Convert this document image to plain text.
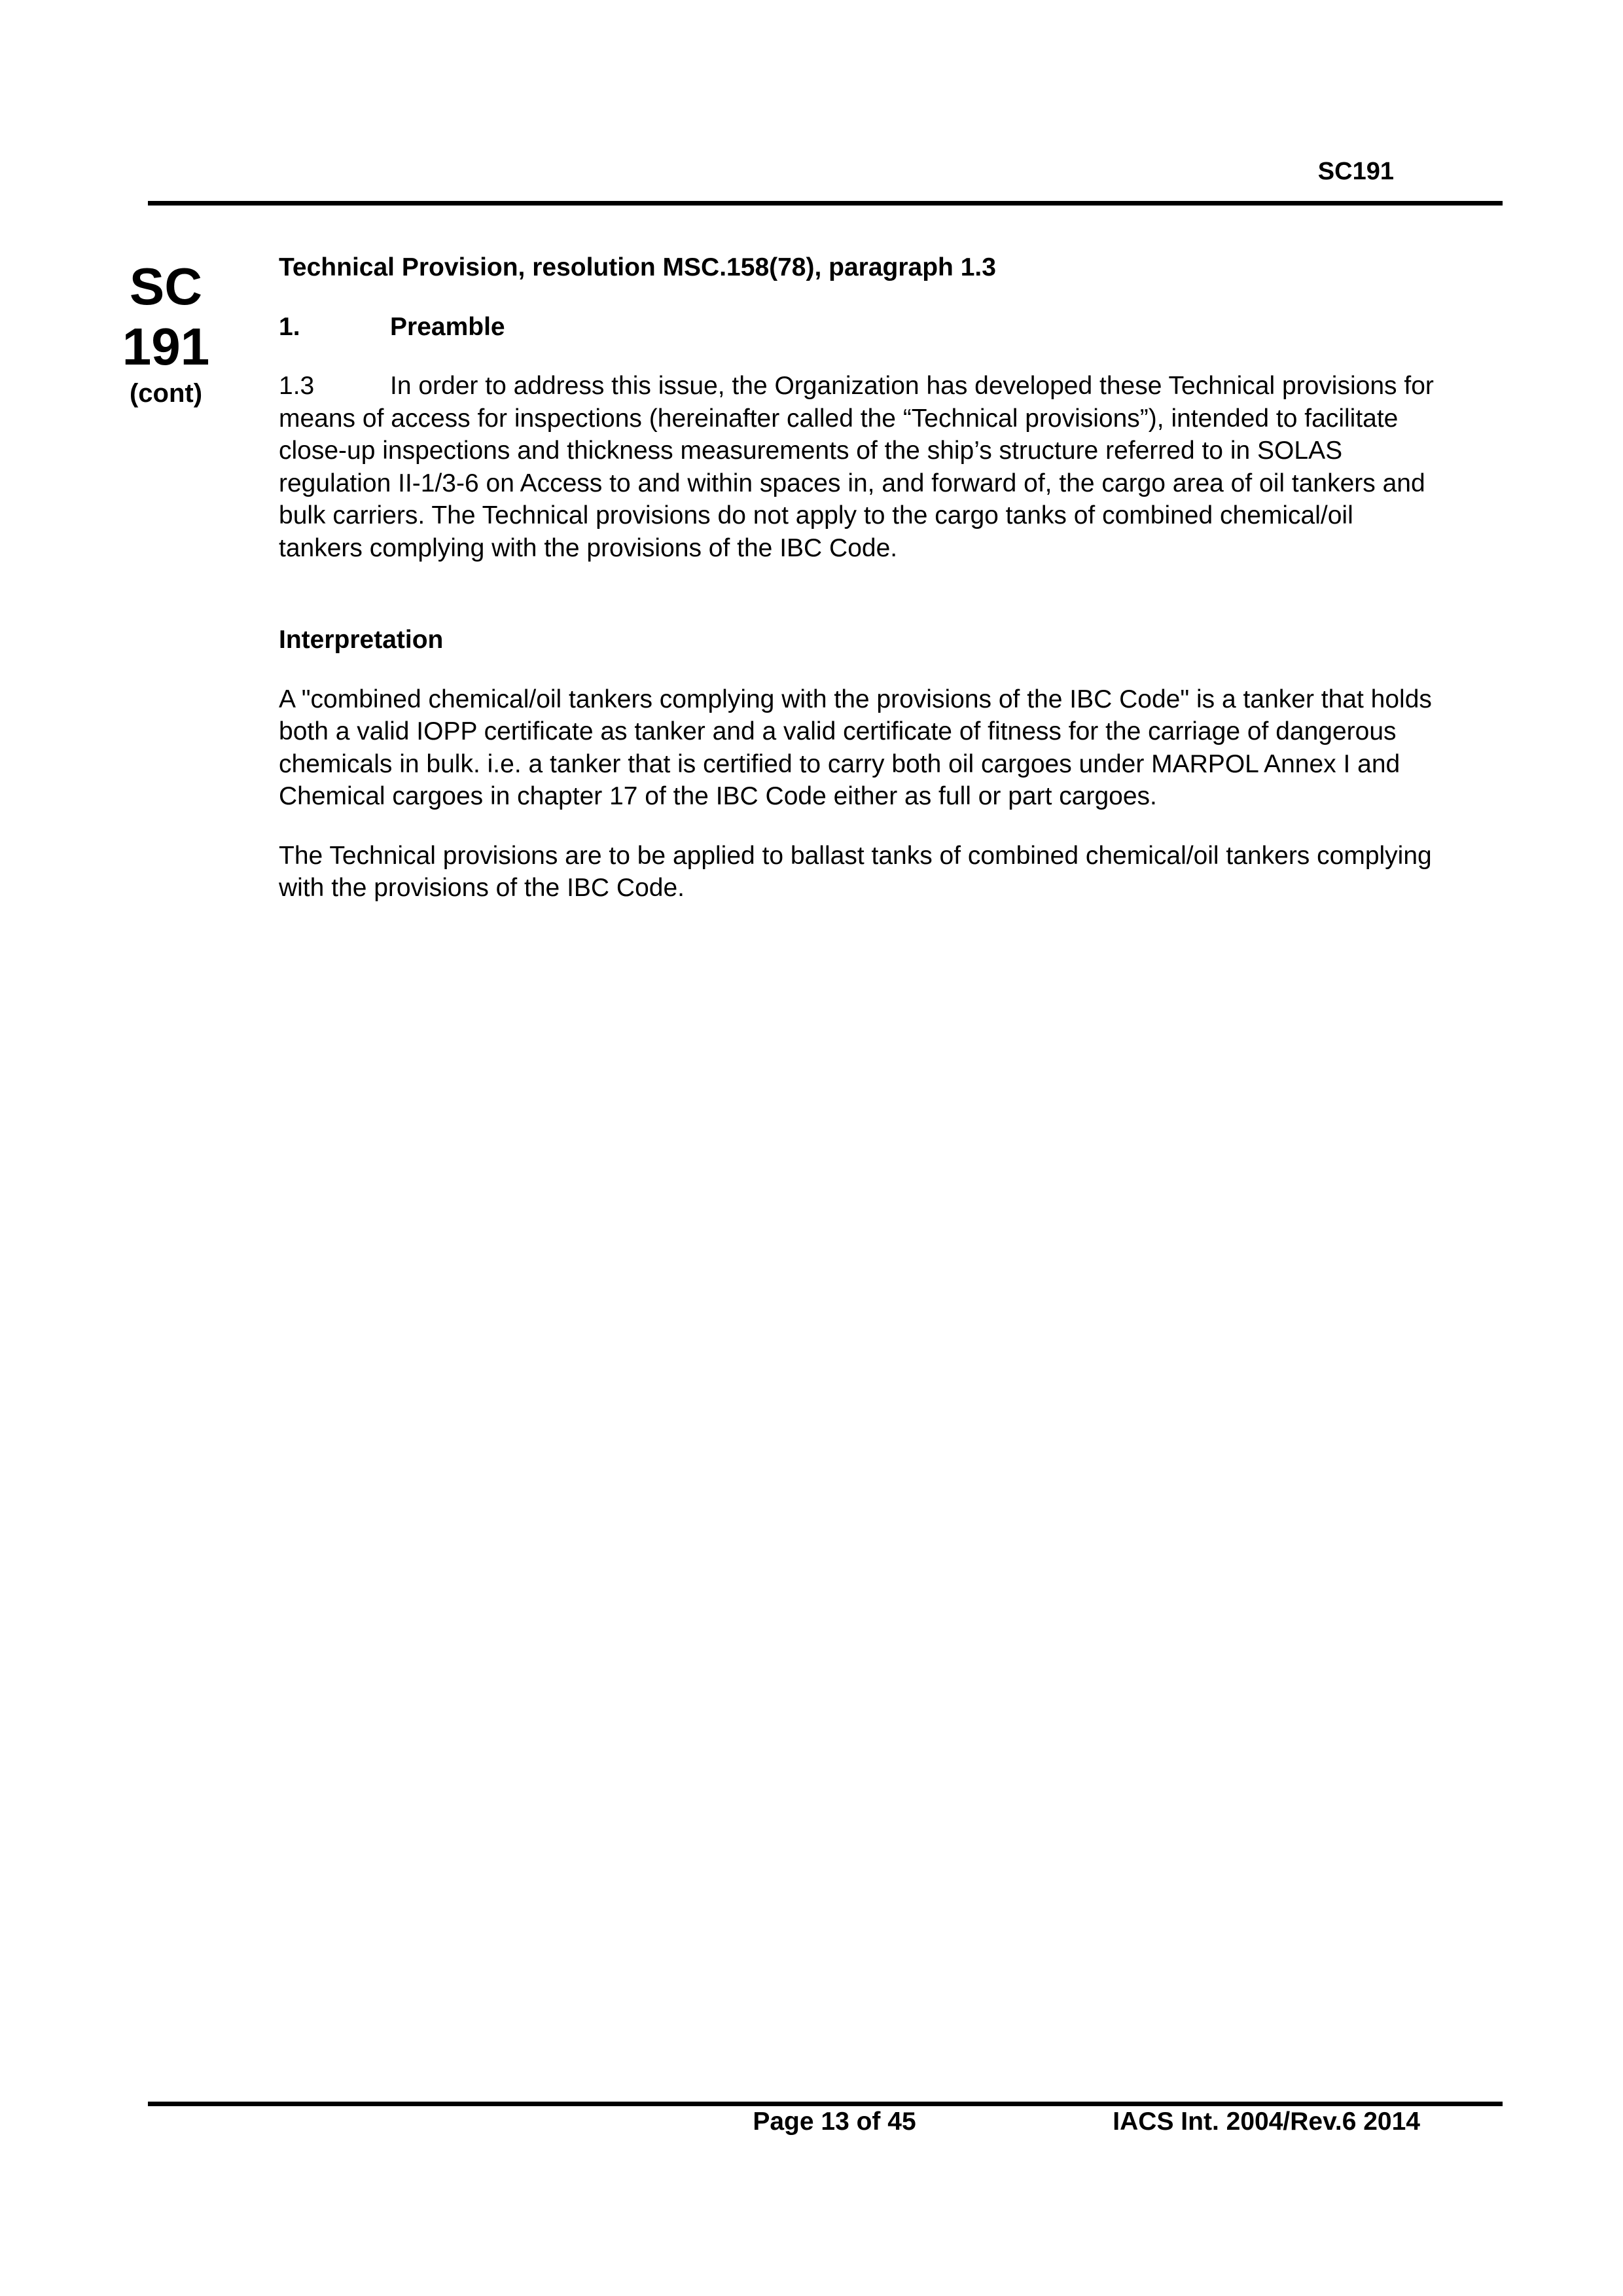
SC191
SC
191
(cont)

Technical Provision, resolution MSC.158(78), paragraph 1.3

1.	Preamble

1.3	In order to address this issue, the Organization has developed these Technical provisions for means of access for inspections (hereinafter called the “Technical provisions”), intended to facilitate close-up inspections and thickness measurements of the ship’s structure referred to in SOLAS regulation II-1/3-6 on Access to and within spaces in, and forward of, the cargo area of oil tankers and bulk carriers. The Technical provisions do not apply to the cargo tanks of combined chemical/oil tankers complying with the provisions of the IBC Code.

Interpretation

A "combined chemical/oil tankers complying with the provisions of the IBC Code" is a tanker that holds both a valid IOPP certificate as tanker and a valid certificate of fitness for the carriage of dangerous chemicals in bulk. i.e. a tanker that is certified to carry both oil cargoes under MARPOL Annex I and Chemical cargoes in chapter 17 of the IBC Code either as full or part cargoes.

The Technical provisions are to be applied to ballast tanks of combined chemical/oil tankers complying with the provisions of the IBC Code.

Page 13 of 45	IACS Int. 2004/Rev.6 2014
